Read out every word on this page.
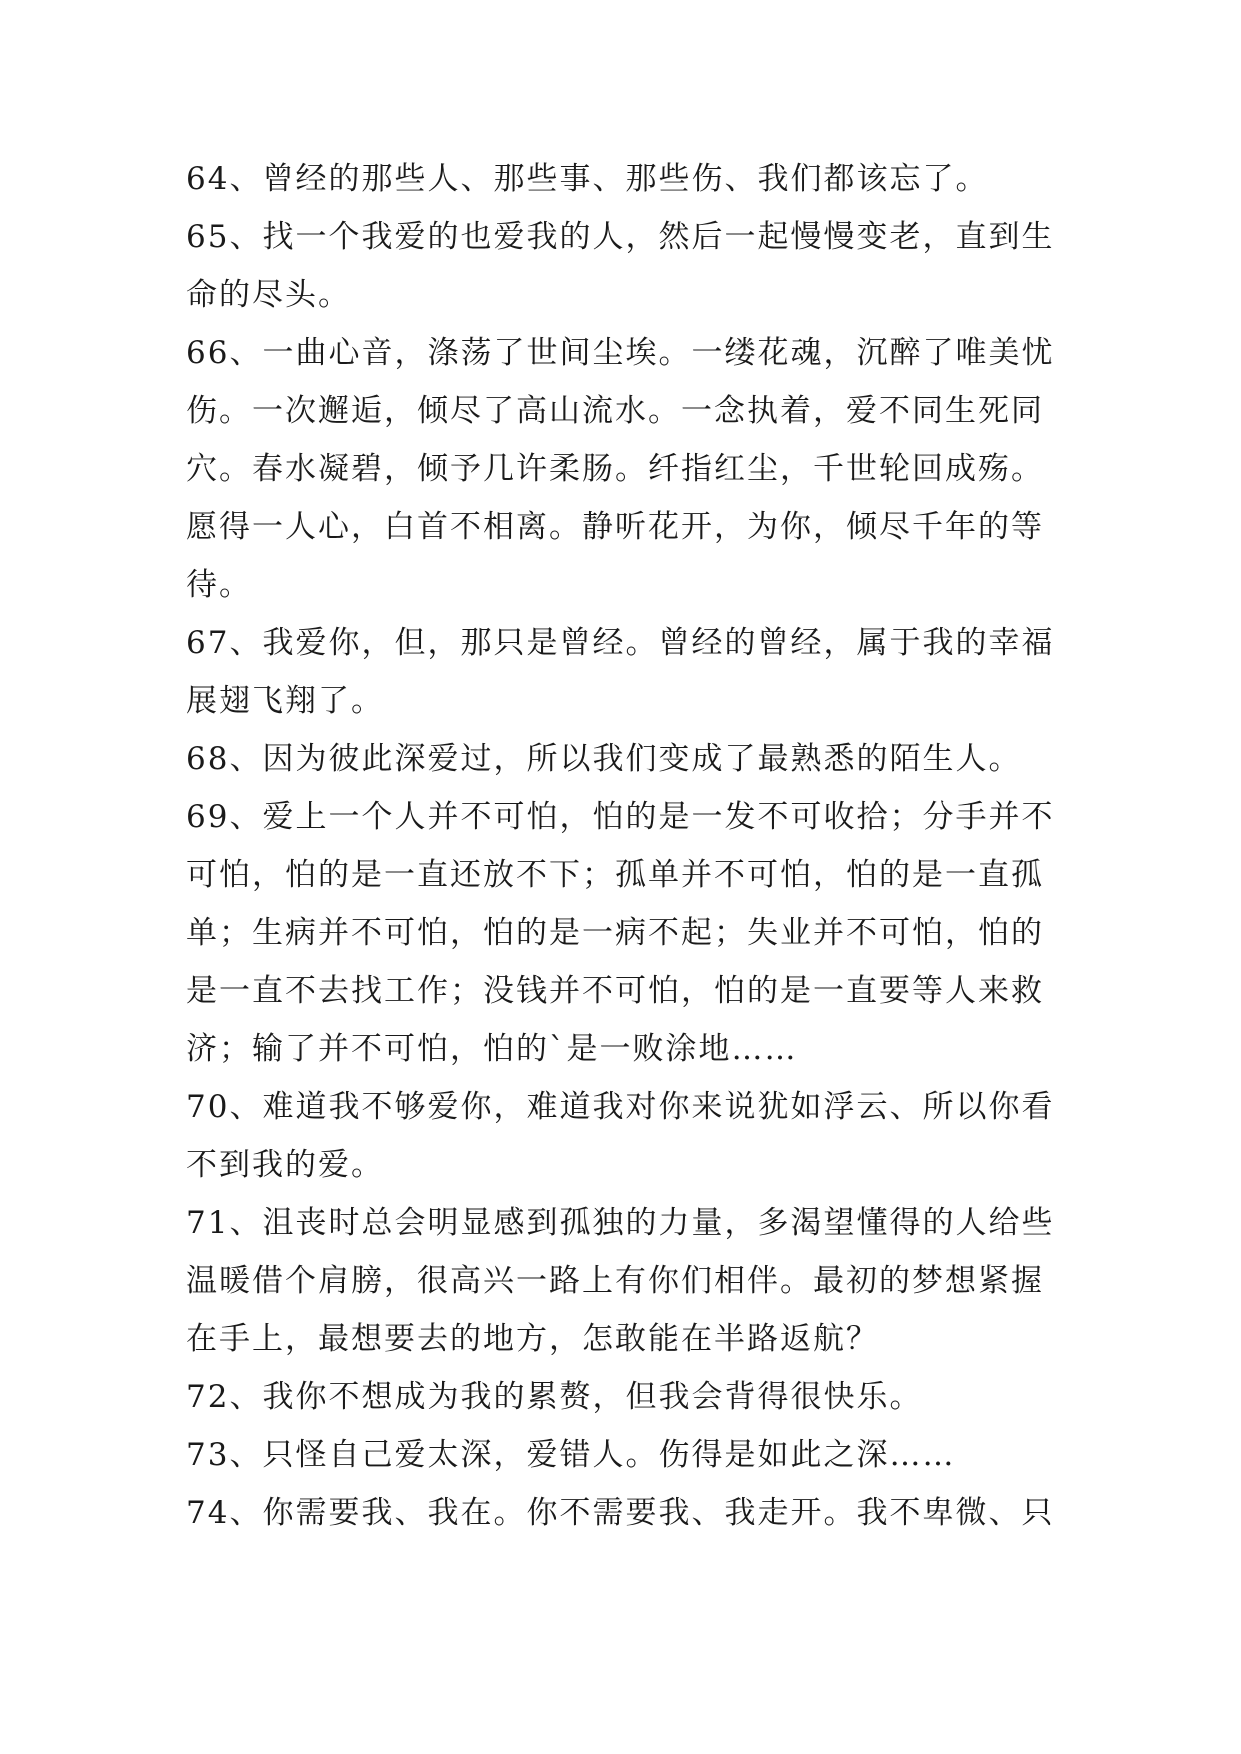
64、曾经的那些人、那些事、那些伤、我们都该忘了。

65、找一个我爱的也爱我的人，然后一起慢慢变老，直到生命的尽头。

66、一曲心音，涤荡了世间尘埃。一缕花魂，沉醉了唯美忧伤。一次邂逅，倾尽了高山流水。一念执着，爱不同生死同穴。春水凝碧，倾予几许柔肠。纤指红尘，千世轮回成殇。愿得一人心，白首不相离。静听花开，为你，倾尽千年的等待。

67、我爱你，但，那只是曾经。曾经的曾经，属于我的幸福展翅飞翔了。

68、因为彼此深爱过，所以我们变成了最熟悉的陌生人。

69、爱上一个人并不可怕，怕的是一发不可收拾；分手并不可怕，怕的是一直还放不下；孤单并不可怕，怕的是一直孤单；生病并不可怕，怕的是一病不起；失业并不可怕，怕的是一直不去找工作；没钱并不可怕，怕的是一直要等人来救济；输了并不可怕，怕的`是一败涂地……

70、难道我不够爱你，难道我对你来说犹如浮云、所以你看不到我的爱。

71、沮丧时总会明显感到孤独的力量，多渴望懂得的人给些温暖借个肩膀，很高兴一路上有你们相伴。最初的梦想紧握在手上，最想要去的地方，怎敢能在半路返航？

72、我你不想成为我的累赘，但我会背得很快乐。

73、只怪自己爱太深，爱错人。伤得是如此之深……

74、你需要我、我在。你不需要我、我走开。我不卑微、只
